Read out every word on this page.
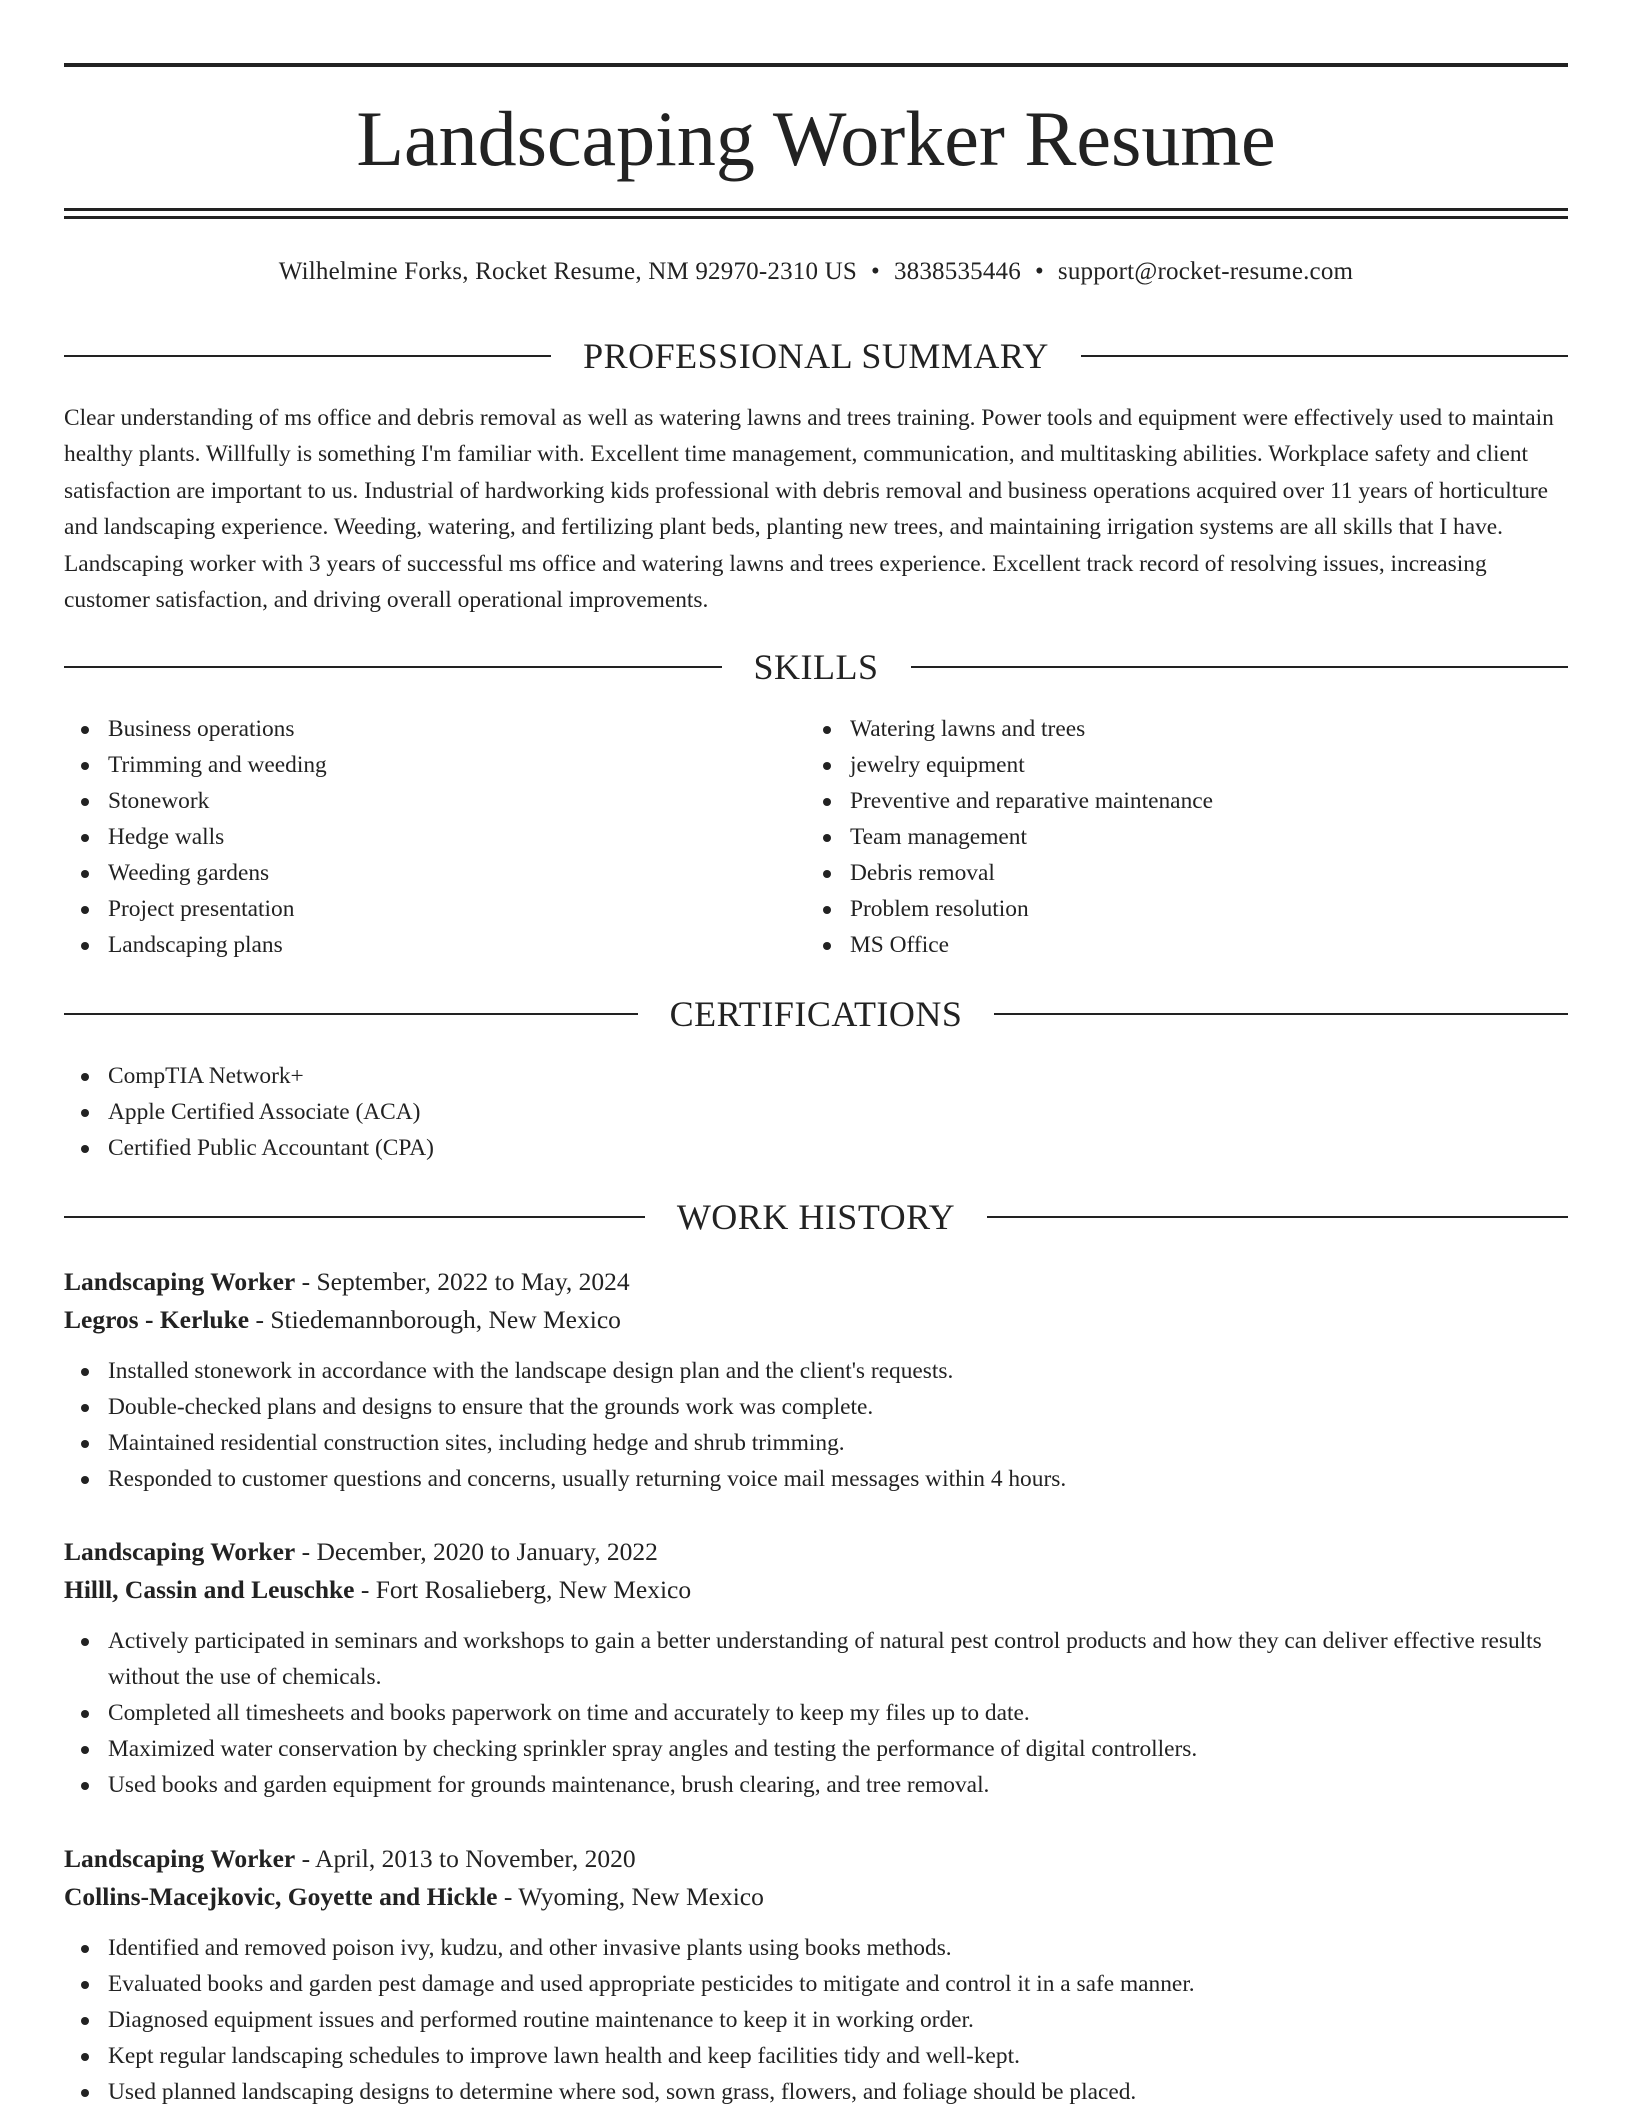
Landscaping Worker Resume
Wilhelmine Forks, Rocket Resume, NM 92970-2310 US • 3838535446 • support@rocket-resume.com
PROFESSIONAL SUMMARY

Clear understanding of ms office and debris removal as well as watering lawns and trees training. Power tools and equipment were effectively used to maintain healthy plants. Willfully is something I'm familiar with. Excellent time management, communication, and multitasking abilities. Workplace safety and client satisfaction are important to us. Industrial of hardworking kids professional with debris removal and business operations acquired over 11 years of horticulture and landscaping experience. Weeding, watering, and fertilizing plant beds, planting new trees, and maintaining irrigation systems are all skills that I have. Landscaping worker with 3 years of successful ms office and watering lawns and trees experience. Excellent track record of resolving issues, increasing customer satisfaction, and driving overall operational improvements.

SKILLS
Business operations
Trimming and weeding
Stonework
Hedge walls
Weeding gardens
Project presentation
Landscaping plans
Watering lawns and trees
jewelry equipment
Preventive and reparative maintenance
Team management
Debris removal
Problem resolution
MS Office
CERTIFICATIONS
CompTIA Network+
Apple Certified Associate (ACA)
Certified Public Accountant (CPA)
WORK HISTORY

Landscaping Worker - September, 2022 to May, 2024

Legros - Kerluke - Stiedemannborough, New Mexico

Installed stonework in accordance with the landscape design plan and the client's requests.
Double-checked plans and designs to ensure that the grounds work was complete.
Maintained residential construction sites, including hedge and shrub trimming.
Responded to customer questions and concerns, usually returning voice mail messages within 4 hours.

Landscaping Worker - December, 2020 to January, 2022

Hilll, Cassin and Leuschke - Fort Rosalieberg, New Mexico

Actively participated in seminars and workshops to gain a better understanding of natural pest control products and how they can deliver effective results without the use of chemicals.
Completed all timesheets and books paperwork on time and accurately to keep my files up to date.
Maximized water conservation by checking sprinkler spray angles and testing the performance of digital controllers.
Used books and garden equipment for grounds maintenance, brush clearing, and tree removal.

Landscaping Worker - April, 2013 to November, 2020

Collins-Macejkovic, Goyette and Hickle - Wyoming, New Mexico

Identified and removed poison ivy, kudzu, and other invasive plants using books methods.
Evaluated books and garden pest damage and used appropriate pesticides to mitigate and control it in a safe manner.
Diagnosed equipment issues and performed routine maintenance to keep it in working order.
Kept regular landscaping schedules to improve lawn health and keep facilities tidy and well-kept.
Used planned landscaping designs to determine where sod, sown grass, flowers, and foliage should be placed.
